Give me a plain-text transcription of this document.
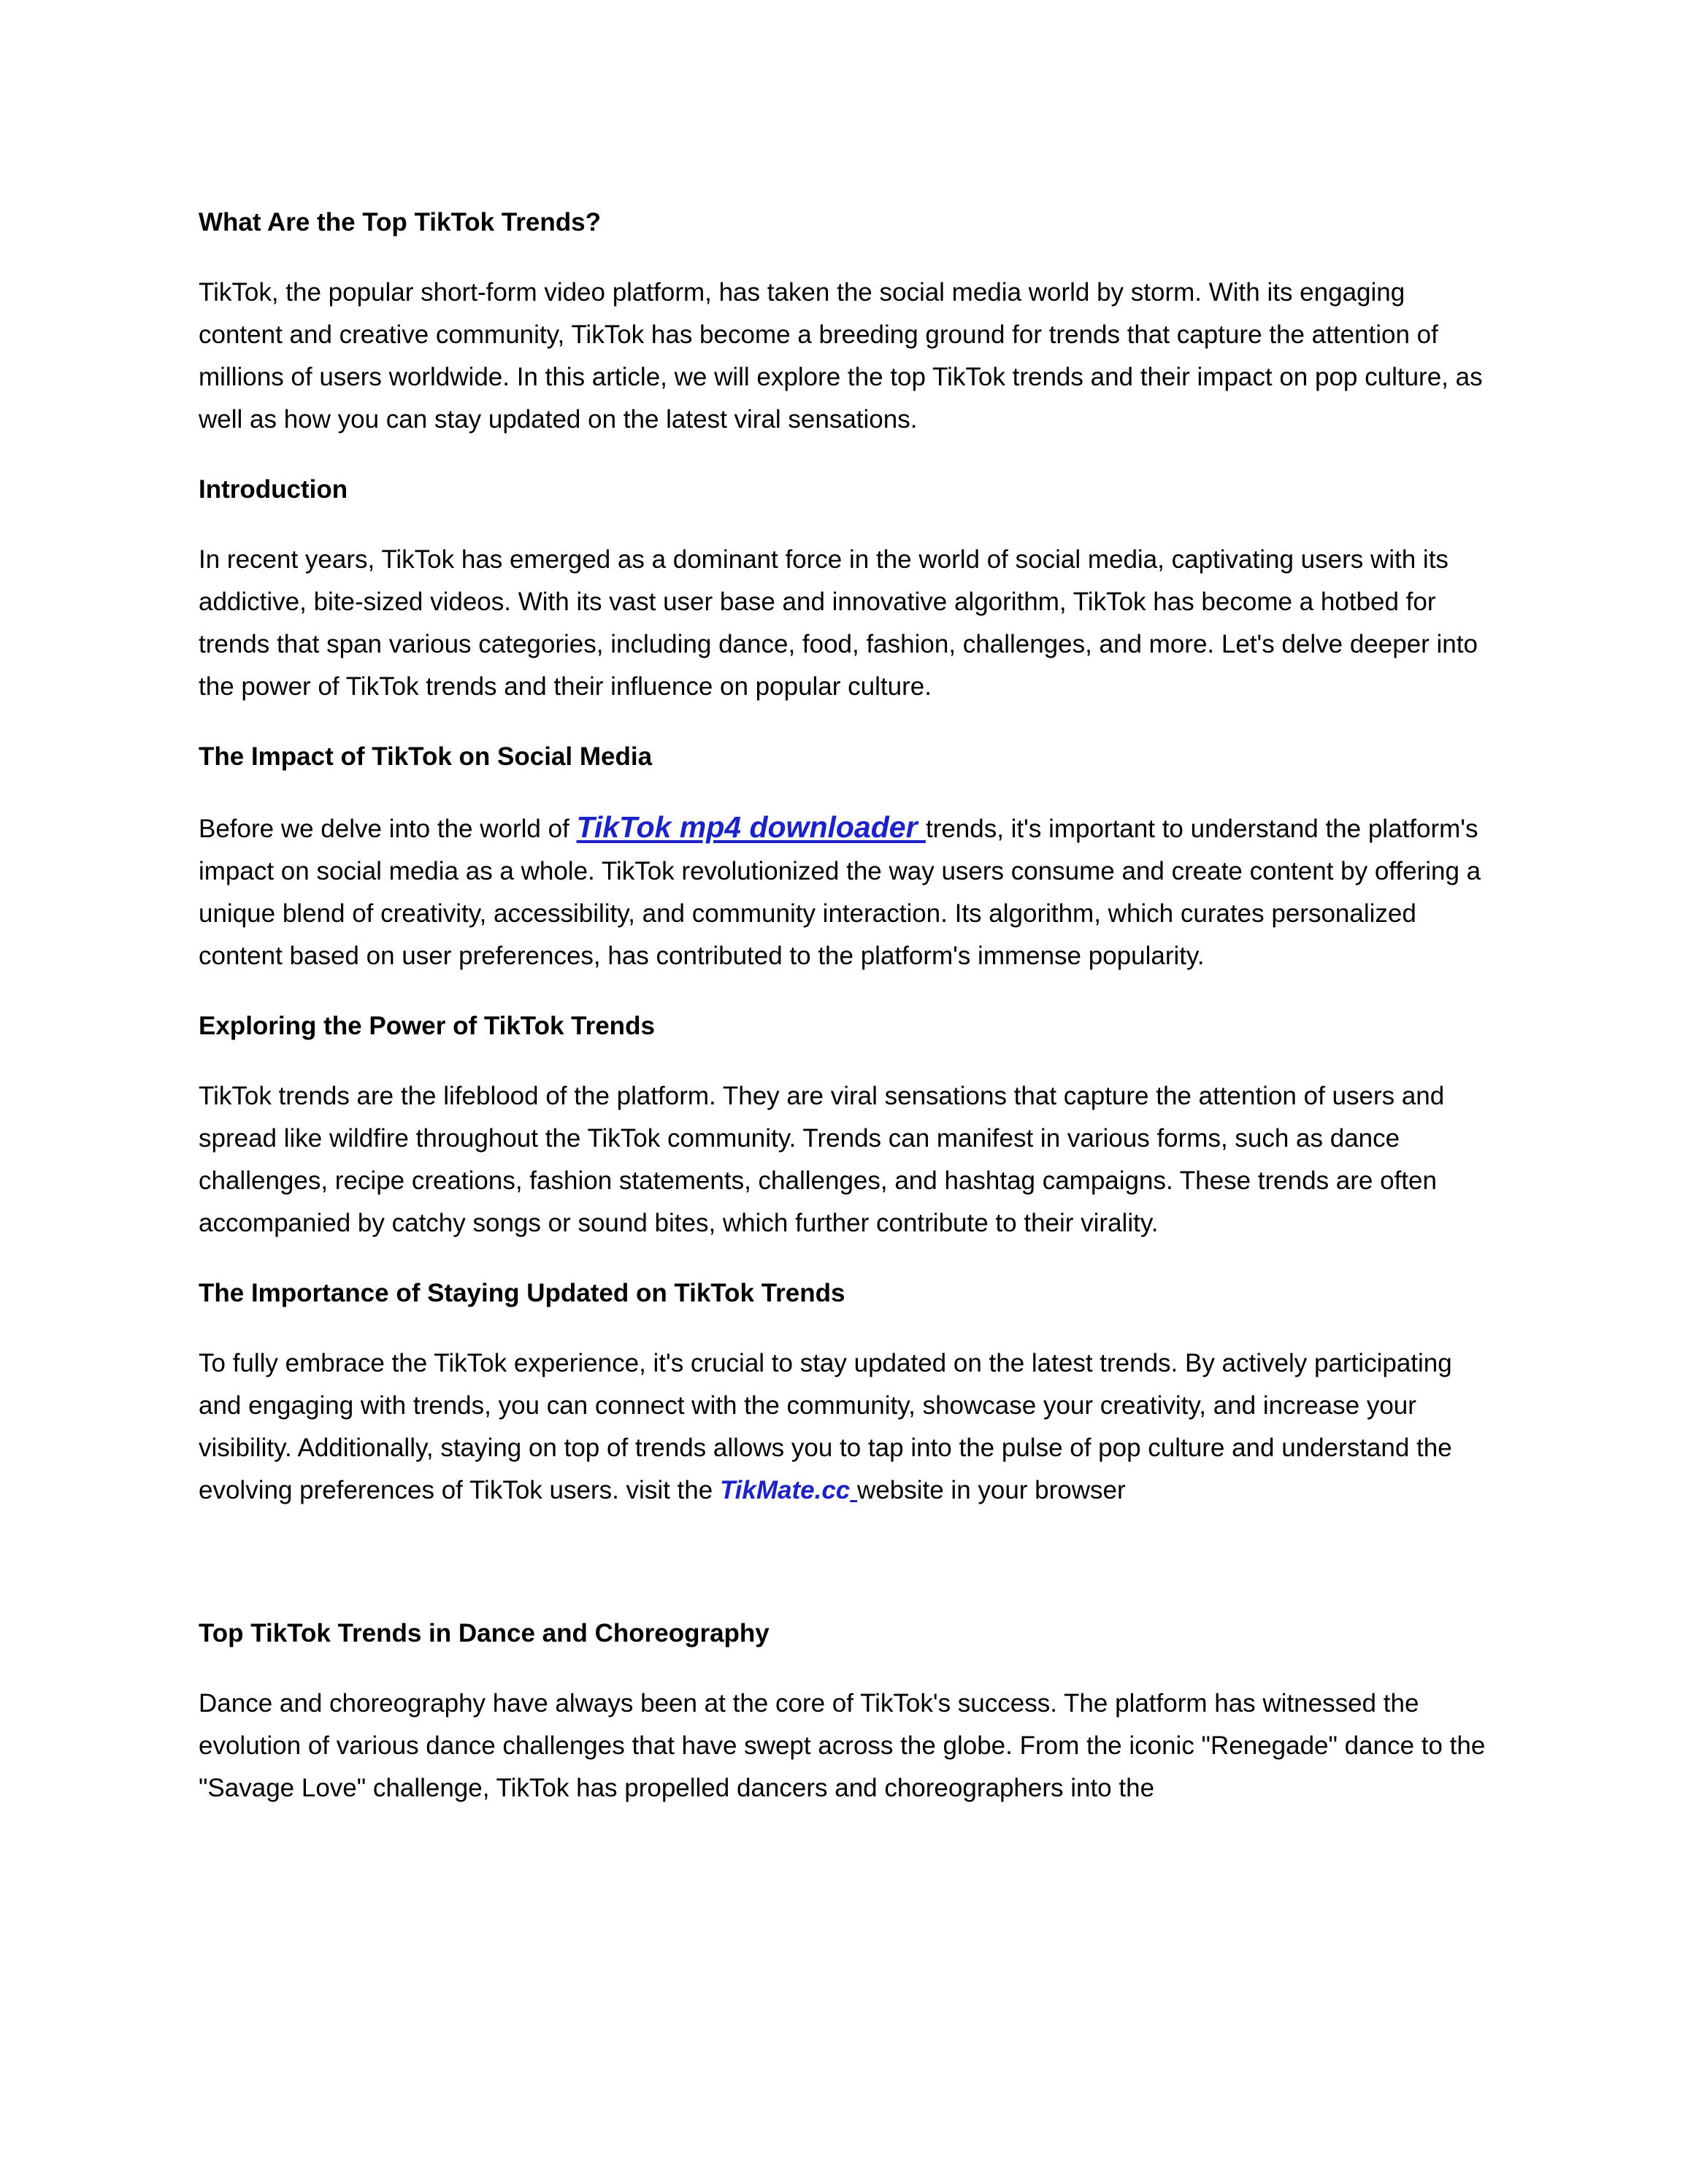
What Are the Top TikTok Trends?

TikTok, the popular short-form video platform, has taken the social media world by storm. With its engaging content and creative community, TikTok has become a breeding ground for trends that capture the attention of millions of users worldwide. In this article, we will explore the top TikTok trends and their impact on pop culture, as well as how you can stay updated on the latest viral sensations.

Introduction

In recent years, TikTok has emerged as a dominant force in the world of social media, captivating users with its addictive, bite-sized videos. With its vast user base and innovative algorithm, TikTok has become a hotbed for trends that span various categories, including dance, food, fashion, challenges, and more. Let's delve deeper into the power of TikTok trends and their influence on popular culture.

The Impact of TikTok on Social Media

Before we delve into the world of TikTok mp4 downloader trends, it's important to understand the platform's impact on social media as a whole. TikTok revolutionized the way users consume and create content by offering a unique blend of creativity, accessibility, and community interaction. Its algorithm, which curates personalized content based on user preferences, has contributed to the platform's immense popularity.

Exploring the Power of TikTok Trends

TikTok trends are the lifeblood of the platform. They are viral sensations that capture the attention of users and spread like wildfire throughout the TikTok community. Trends can manifest in various forms, such as dance challenges, recipe creations, fashion statements, challenges, and hashtag campaigns. These trends are often accompanied by catchy songs or sound bites, which further contribute to their virality.

The Importance of Staying Updated on TikTok Trends

To fully embrace the TikTok experience, it's crucial to stay updated on the latest trends. By actively participating and engaging with trends, you can connect with the community, showcase your creativity, and increase your visibility. Additionally, staying on top of trends allows you to tap into the pulse of pop culture and understand the evolving preferences of TikTok users. visit the TikMate.cc website in your browser

Top TikTok Trends in Dance and Choreography

Dance and choreography have always been at the core of TikTok's success. The platform has witnessed the evolution of various dance challenges that have swept across the globe. From the iconic "Renegade" dance to the "Savage Love" challenge, TikTok has propelled dancers and choreographers into the
